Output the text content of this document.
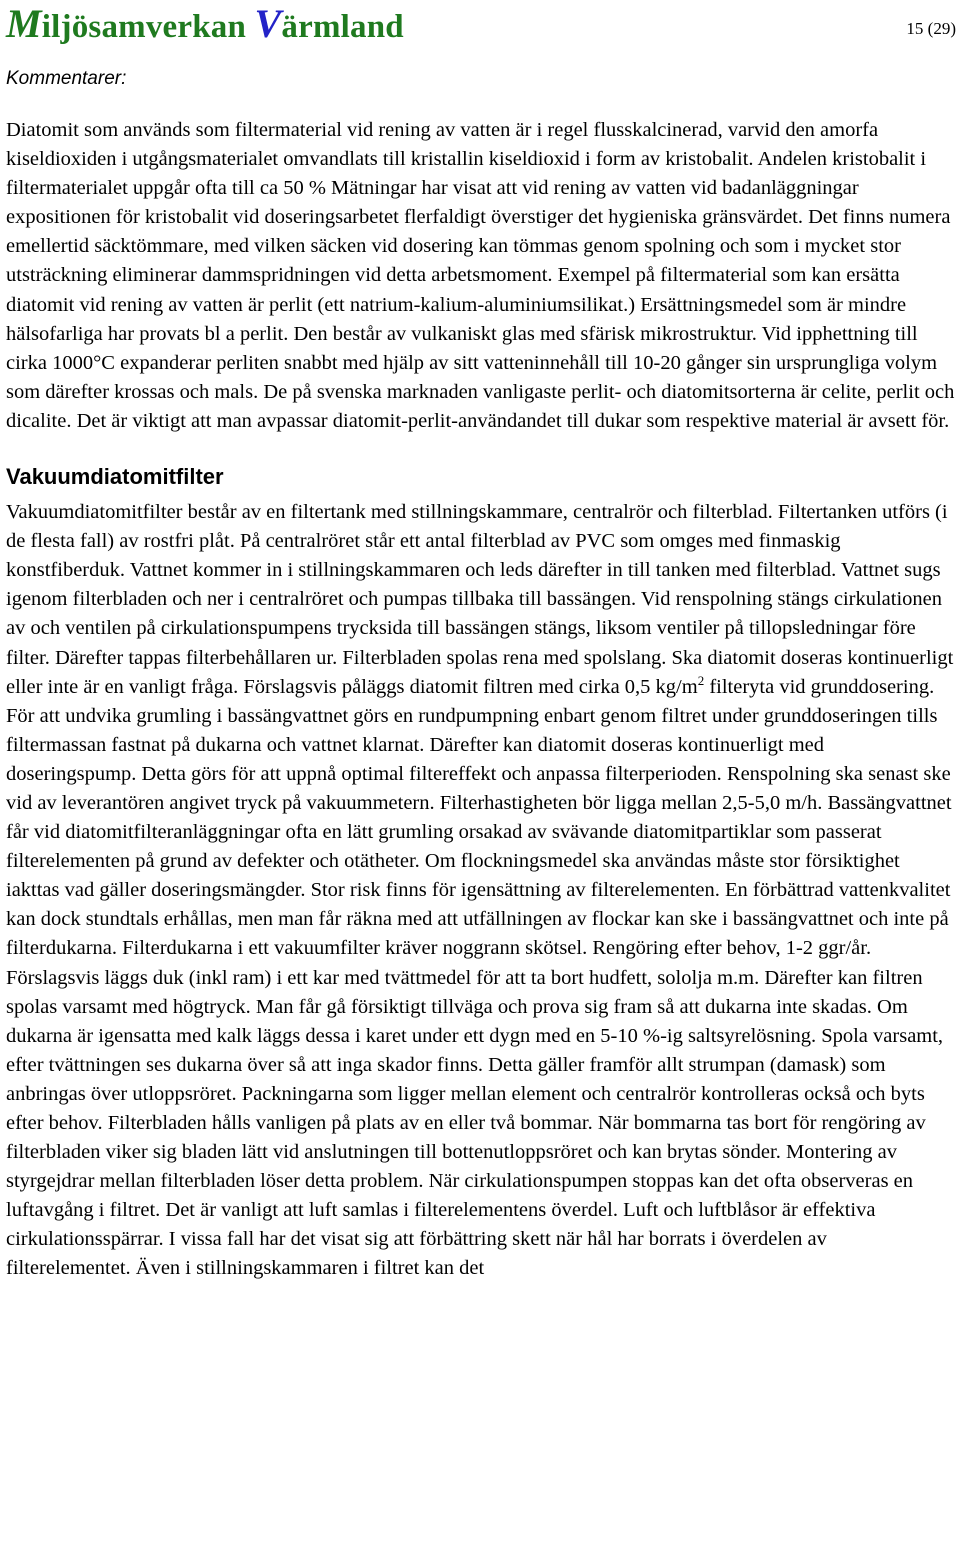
Miljösamverkan Värmland	15 (29)
Kommentarer:

Diatomit som används som filtermaterial vid rening av vatten är i regel flusskalcinerad, varvid den amorfa kiseldioxiden i utgångsmaterialet omvandlats till kristallin kiseldioxid i form av kristobalit. Andelen kristobalit i filtermaterialet uppgår ofta till ca 50 % Mätningar har visat att vid rening av vatten vid badanläggningar expositionen för kristobalit vid doseringsarbetet flerfaldigt överstiger det hygieniska gränsvärdet. Det finns numera emellertid säcktömmare, med vilken säcken vid dosering kan tömmas genom spolning och som i mycket stor utsträckning eliminerar dammspridningen vid detta arbetsmoment. Exempel på filtermaterial som kan ersätta diatomit vid rening av vatten är perlit (ett natrium-kalium-aluminiumsilikat.) Ersättningsmedel som är mindre hälsofarliga har provats bl a perlit. Den består av vulkaniskt glas med sfärisk mikrostruktur. Vid ipphettning till cirka 1000°C expanderar perliten snabbt med hjälp av sitt vatteninnehåll till 10-20 gånger sin ursprungliga volym som därefter krossas och mals. De på svenska marknaden vanligaste perlit- och diatomitsorterna är celite, perlit och dicalite. Det är viktigt att man avpassar diatomit-perlit-användandet till dukar som respektive material är avsett för.

Vakuumdiatomitfilter

Vakuumdiatomitfilter består av en filtertank med stillningskammare, centralrör och filterblad. Filtertanken utförs (i de flesta fall) av rostfri plåt. På centralröret står ett antal filterblad av PVC som omges med finmaskig konstfiberduk. Vattnet kommer in i stillningskammaren och leds därefter in till tanken med filterblad. Vattnet sugs igenom filterbladen och ner i centralröret och pumpas tillbaka till bassängen. Vid renspolning stängs cirkulationen av och ventilen på cirkulationspumpens trycksida till bassängen stängs, liksom ventiler på tillopsledningar före filter. Därefter tappas filterbehållaren ur. Filterbladen spolas rena med spolslang. Ska diatomit doseras kontinuerligt eller inte är en vanligt fråga. Förslagsvis påläggs diatomit filtren med cirka 0,5 $kg/m^2$ filteryta vid grunddosering. För att undvika grumling i bassängvattnet görs en rundpumpning enbart genom filtret under grunddoseringen tills filtermassan fastnat på dukarna och vattnet klarnat. Därefter kan diatomit doseras kontinuerligt med doseringspump. Detta görs för att uppnå optimal filtereffekt och anpassa filterperioden. Renspolning ska senast ske vid av leverantören angivet tryck på vakuummetern. Filterhastigheten bör ligga mellan 2,5-5,0 m/h. Bassängvattnet får vid diatomitfilteranläggningar ofta en lätt grumling orsakad av svävande diatomitpartiklar som passerat filterelementen på grund av defekter och otätheter. Om flockningsmedel ska användas måste stor försiktighet iakttas vad gäller doseringsmängder. Stor risk finns för igensättning av filterelementen. En förbättrad vattenkvalitet kan dock stundtals erhållas, men man får räkna med att utfällningen av flockar kan ske i bassängvattnet och inte på filterdukarna. Filterdukarna i ett vakuumfilter kräver noggrann skötsel. Rengöring efter behov, 1-2 ggr/år. Förslagsvis läggs duk (inkl ram) i ett kar med tvättmedel för att ta bort hudfett, sololja m.m. Därefter kan filtren spolas varsamt med högtryck. Man får gå försiktigt tillväga och prova sig fram så att dukarna inte skadas. Om dukarna är igensatta med kalk läggs dessa i karet under ett dygn med en 5-10 %-ig saltsyrelösning. Spola varsamt, efter tvättningen ses dukarna över så att inga skador finns. Detta gäller framför allt strumpan (damask) som anbringas över utloppsröret. Packningarna som ligger mellan element och centralrör kontrolleras också och byts efter behov. Filterbladen hålls vanligen på plats av en eller två bommar. När bommarna tas bort för rengöring av filterbladen viker sig bladen lätt vid anslutningen till bottenutloppsröret och kan brytas sönder. Montering av styrgejdrar mellan filterbladen löser detta problem. När cirkulationspumpen stoppas kan det ofta observeras en luftavgång i filtret. Det är vanligt att luft samlas i filterelementens överdel. Luft och luftblåsor är effektiva cirkulationsspärrar. I vissa fall har det visat sig att förbättring skett när hål har borrats i överdelen av filterelementet. Även i stillningskammaren i filtret kan det
